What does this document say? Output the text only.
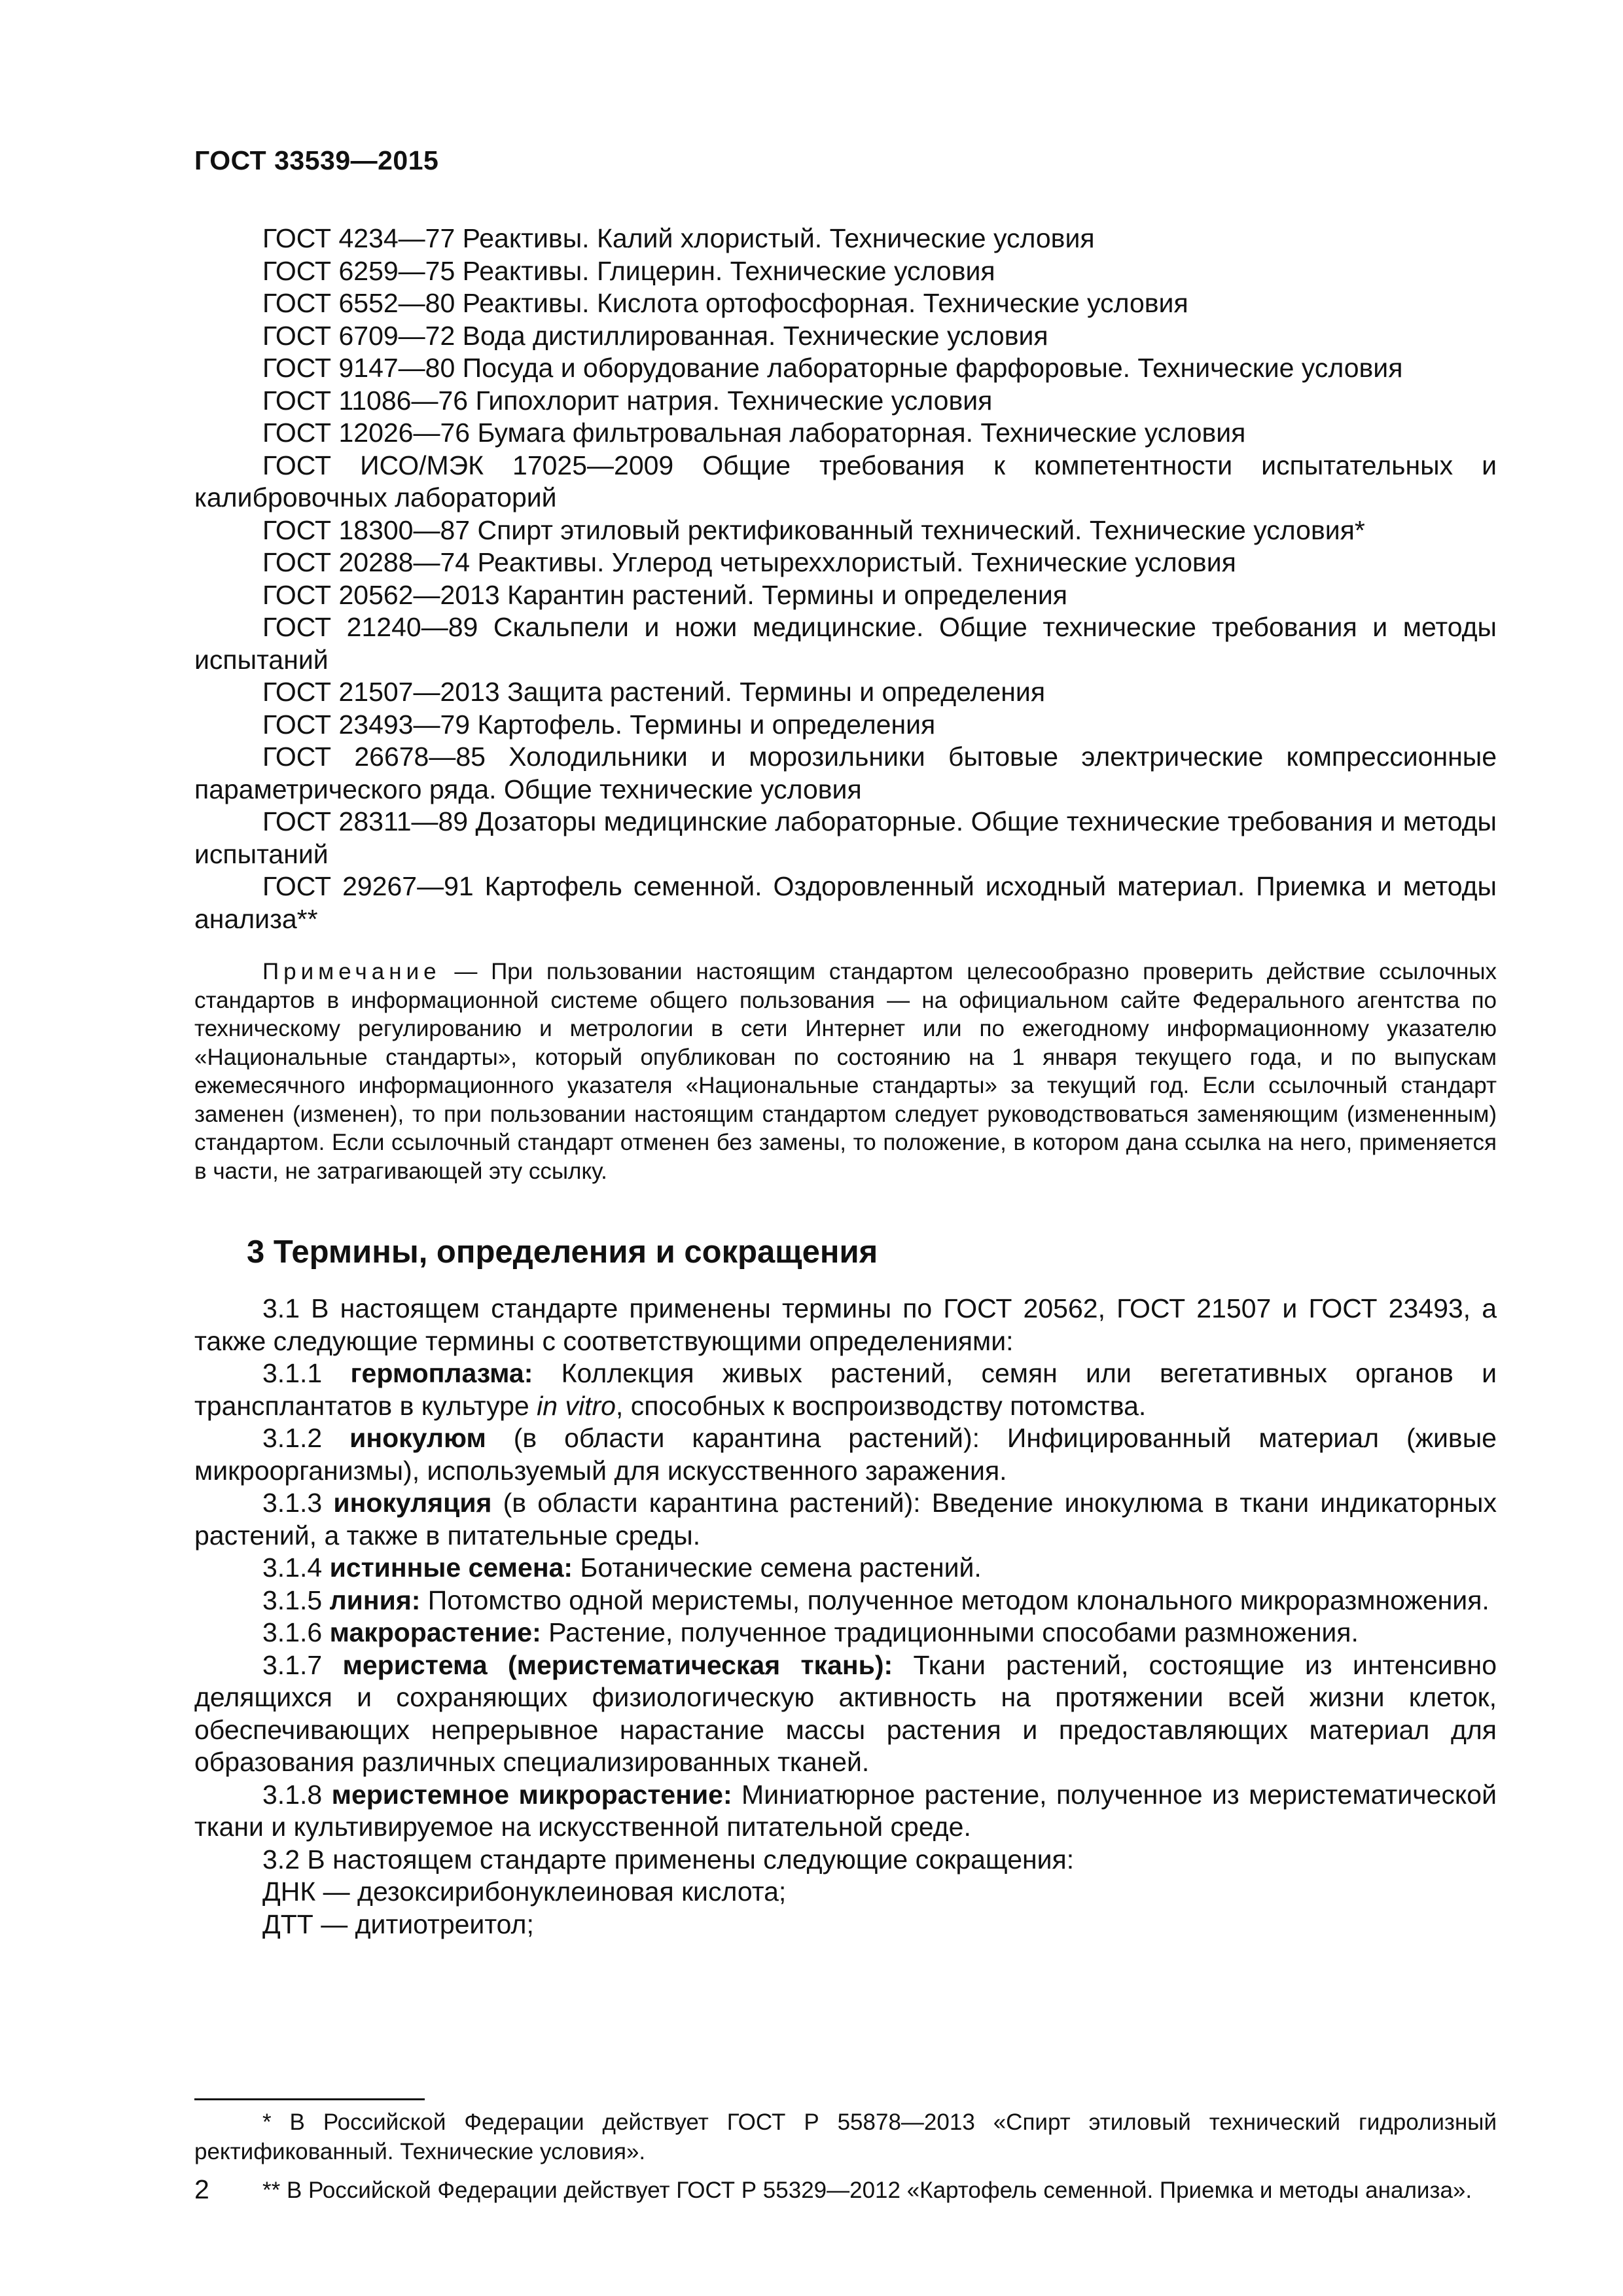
ГОСТ 33539—2015

ГОСТ 4234—77 Реактивы. Калий хлористый. Технические условия

ГОСТ 6259—75 Реактивы. Глицерин. Технические условия

ГОСТ 6552—80 Реактивы. Кислота ортофосфорная. Технические условия

ГОСТ 6709—72 Вода дистиллированная. Технические условия

ГОСТ 9147—80 Посуда и оборудование лабораторные фарфоровые. Технические условия

ГОСТ 11086—76 Гипохлорит натрия. Технические условия

ГОСТ 12026—76 Бумага фильтровальная лабораторная. Технические условия

ГОСТ ИСО/МЭК 17025—2009 Общие требования к компетентности испытательных и калибровочных лабораторий

ГОСТ 18300—87 Спирт этиловый ректификованный технический. Технические условия*

ГОСТ 20288—74 Реактивы. Углерод четыреххлористый. Технические условия

ГОСТ 20562—2013 Карантин растений. Термины и определения

ГОСТ 21240—89 Скальпели и ножи медицинские. Общие технические требования и методы испытаний

ГОСТ 21507—2013 Защита растений. Термины и определения

ГОСТ 23493—79 Картофель. Термины и определения

ГОСТ 26678—85 Холодильники и морозильники бытовые электрические компрессионные параметрического ряда. Общие технические условия

ГОСТ 28311—89 Дозаторы медицинские лабораторные. Общие технические требования и методы испытаний

ГОСТ 29267—91 Картофель семенной. Оздоровленный исходный материал. Приемка и методы анализа**

Примечание — При пользовании настоящим стандартом целесообразно проверить действие ссылочных стандартов в информационной системе общего пользования — на официальном сайте Федерального агентства по техническому регулированию и метрологии в сети Интернет или по ежегодному информационному указателю «Национальные стандарты», который опубликован по состоянию на 1 января текущего года, и по выпускам ежемесячного информационного указателя «Национальные стандарты» за текущий год. Если ссылочный стандарт заменен (изменен), то при пользовании настоящим стандартом следует руководствоваться заменяющим (измененным) стандартом. Если ссылочный стандарт отменен без замены, то положение, в котором дана ссылка на него, применяется в части, не затрагивающей эту ссылку.

3 Термины, определения и сокращения

3.1 В настоящем стандарте применены термины по ГОСТ 20562, ГОСТ 21507 и ГОСТ 23493, а также следующие термины с соответствующими определениями:

3.1.1 гермоплазма: Коллекция живых растений, семян или вегетативных органов и трансплантатов в культуре in vitro, способных к воспроизводству потомства.

3.1.2 инокулюм (в области карантина растений): Инфицированный материал (живые микроорганизмы), используемый для искусственного заражения.

3.1.3 инокуляция (в области карантина растений): Введение инокулюма в ткани индикаторных растений, а также в питательные среды.

3.1.4 истинные семена: Ботанические семена растений.

3.1.5 линия: Потомство одной меристемы, полученное методом клонального микроразмножения.

3.1.6 макрорастение: Растение, полученное традиционными способами размножения.

3.1.7 меристема (меристематическая ткань): Ткани растений, состоящие из интенсивно делящихся и сохраняющих физиологическую активность на протяжении всей жизни клеток, обеспечивающих непрерывное нарастание массы растения и предоставляющих материал для образования различных специализированных тканей.

3.1.8 меристемное микрорастение: Миниатюрное растение, полученное из меристематической ткани и культивируемое на искусственной питательной среде.

3.2 В настоящем стандарте применены следующие сокращения:

ДНК — дезоксирибонуклеиновая кислота;

ДТТ — дитиотреитол;

* В Российской Федерации действует ГОСТ Р 55878—2013 «Спирт этиловый технический гидролизный ректификованный. Технические условия».

** В Российской Федерации действует ГОСТ Р 55329—2012 «Картофель семенной. Приемка и методы анализа».

2
